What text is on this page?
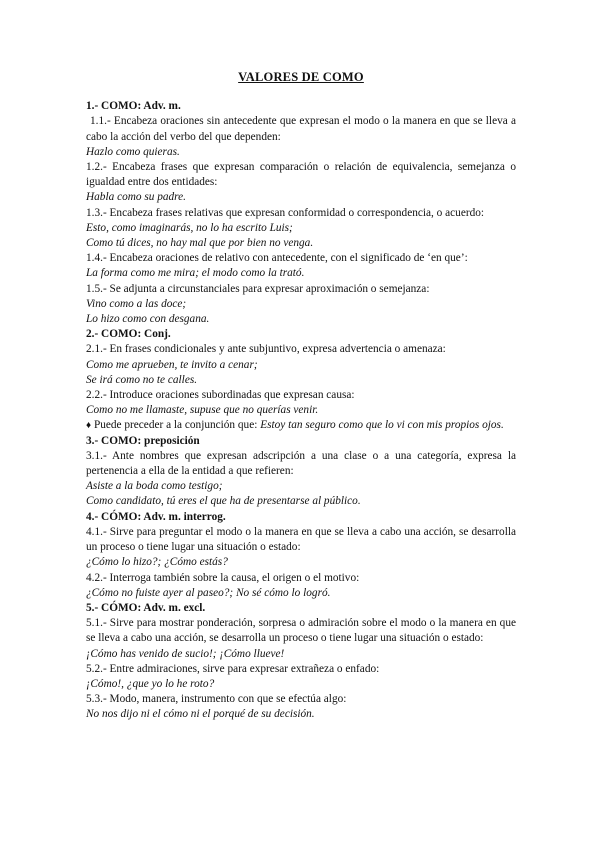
VALORES DE COMO
1.- COMO: Adv. m.

1.1.- Encabeza oraciones sin antecedente que expresan el modo o la manera en que se lleva a cabo la acción del verbo del que dependen:

Hazlo como quieras.

1.2.- Encabeza frases que expresan comparación o relación de equivalencia, semejanza o igualdad entre dos entidades:

Habla como su padre.

1.3.- Encabeza frases relativas que expresan conformidad o correspondencia, o acuerdo:

Esto, como imaginarás, no lo ha escrito Luis;

Como tú dices, no hay mal que por bien no venga.

1.4.- Encabeza oraciones de relativo con antecedente, con el significado de ‘en que’:

La forma como me mira; el modo como la trató.

1.5.- Se adjunta a circunstanciales para expresar aproximación o semejanza:

Vino como a las doce;

Lo hizo como con desgana.

2.- COMO: Conj.

2.1.- En frases condicionales y ante subjuntivo, expresa advertencia o amenaza:

Como me aprueben, te invito a cenar;

Se irá como no te calles.

2.2.- Introduce oraciones subordinadas que expresan causa:

Como no me llamaste, supuse que no querías venir.

♦ Puede preceder a la conjunción que: Estoy tan seguro como que lo vi con mis propios ojos.

3.- COMO: preposición

3.1.- Ante nombres que expresan adscripción a una clase o a una categoría, expresa la pertenencia a ella de la entidad a que refieren:

Asiste a la boda como testigo;

Como candidato, tú eres el que ha de presentarse al público.

4.- CÓMO: Adv. m. interrog.

4.1.- Sirve para preguntar el modo o la manera en que se lleva a cabo una acción, se desarrolla un proceso o tiene lugar una situación o estado:

¿Cómo lo hizo?; ¿Cómo estás?

4.2.- Interroga también sobre la causa, el origen o el motivo:

¿Cómo no fuiste ayer al paseo?; No sé cómo lo logró.

5.- CÓMO: Adv. m. excl.

5.1.- Sirve para mostrar ponderación, sorpresa o admiración sobre el modo o la manera en que se lleva a cabo una acción, se desarrolla un proceso o tiene lugar una situación o estado:

¡Cómo has venido de sucio!; ¡Cómo llueve!

5.2.- Entre admiraciones, sirve para expresar extrañeza o enfado:

¡Cómo!, ¿que yo lo he roto?

5.3.- Modo, manera, instrumento con que se efectúa algo:

No nos dijo ni el cómo ni el porqué de su decisión.
